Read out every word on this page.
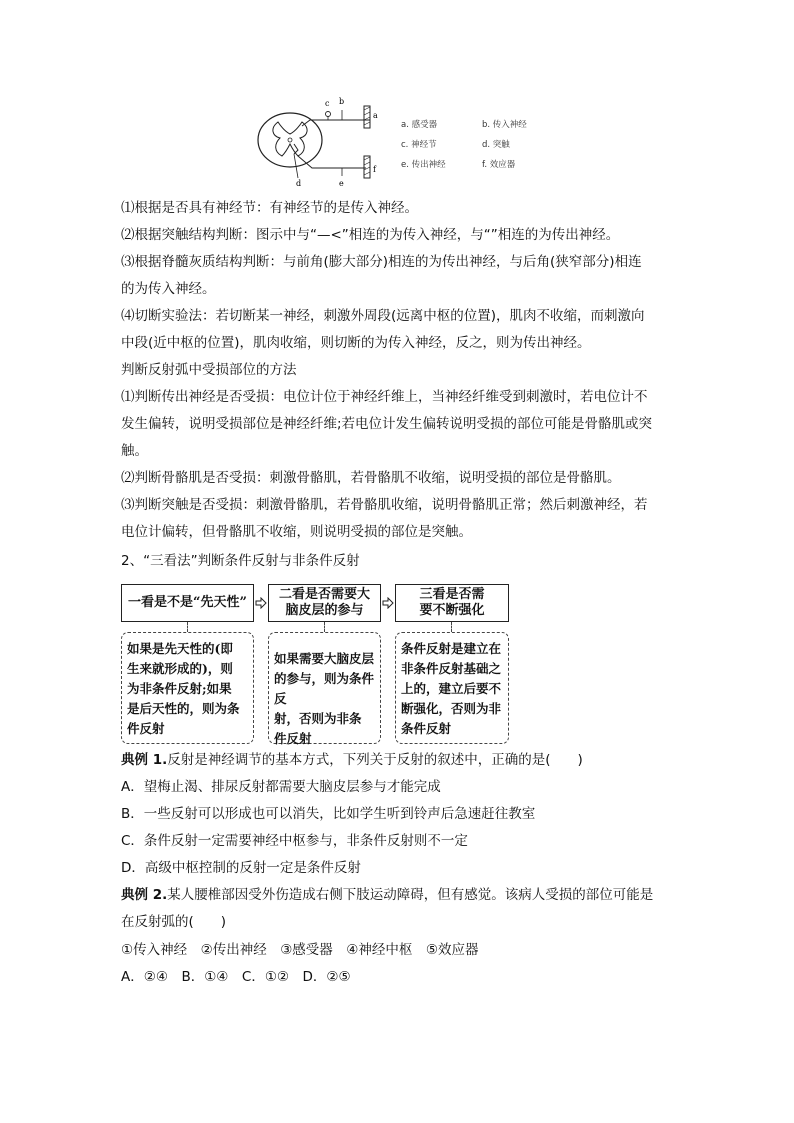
c b
a
d	e
f
a. 感受器	b. 传入神经
c. 神经节	d. 突触
e. 传出神经	f. 效应器
⑴根据是否具有神经节：有神经节的是传入神经。
⑵根据突触结构判断：图示中与“—<”相连的为传入神经，与“”相连的为传出神经。
⑶根据脊髓灰质结构判断：与前角(膨大部分)相连的为传出神经，与后角(狭窄部分)相连
的为传入神经。
⑷切断实验法：若切断某一神经，刺激外周段(远离中枢的位置)，肌肉不收缩，而刺激向
中段(近中枢的位置)，肌肉收缩，则切断的为传入神经，反之，则为传出神经。
判断反射弧中受损部位的方法
⑴判断传出神经是否受损：电位计位于神经纤维上，当神经纤维受到刺激时，若电位计不
发生偏转，说明受损部位是神经纤维;若电位计发生偏转说明受损的部位可能是骨骼肌或突
触。
⑵判断骨骼肌是否受损：刺激骨骼肌，若骨骼肌不收缩，说明受损的部位是骨骼肌。
⑶判断突触是否受损：刺激骨骼肌，若骨骼肌收缩，说明骨骼肌正常；然后刺激神经，若
电位计偏转，但骨骼肌不收缩，则说明受损的部位是突触。
2、“三看法”判断条件反射与非条件反射
一看是不是“先天性”
二看是否需要大
脑皮层的参与
三看是否需
要不断强化
如果是先天性的(即
生来就形成的)，则
为非条件反射;如果
是后天性的，则为条
件反射
如果需要大脑皮层
的参与，则为条件反
射，否则为非条
件反射
条件反射是建立在
非条件反射基础之
上的，建立后要不
断强化，否则为非
条件反射
典例 1.反射是神经调节的基本方式，下列关于反射的叙述中，正确的是(　　)
A．望梅止渴、排尿反射都需要大脑皮层参与才能完成
B．一些反射可以形成也可以消失，比如学生听到铃声后急速赶往教室
C．条件反射一定需要神经中枢参与，非条件反射则不一定
D．高级中枢控制的反射一定是条件反射
典例 2.某人腰椎部因受外伤造成右侧下肢运动障碍，但有感觉。该病人受损的部位可能是
在反射弧的(　　)
①传入神经　②传出神经　③感受器　④神经中枢　⑤效应器
A．②④　B．①④　C．①②　D．②⑤
